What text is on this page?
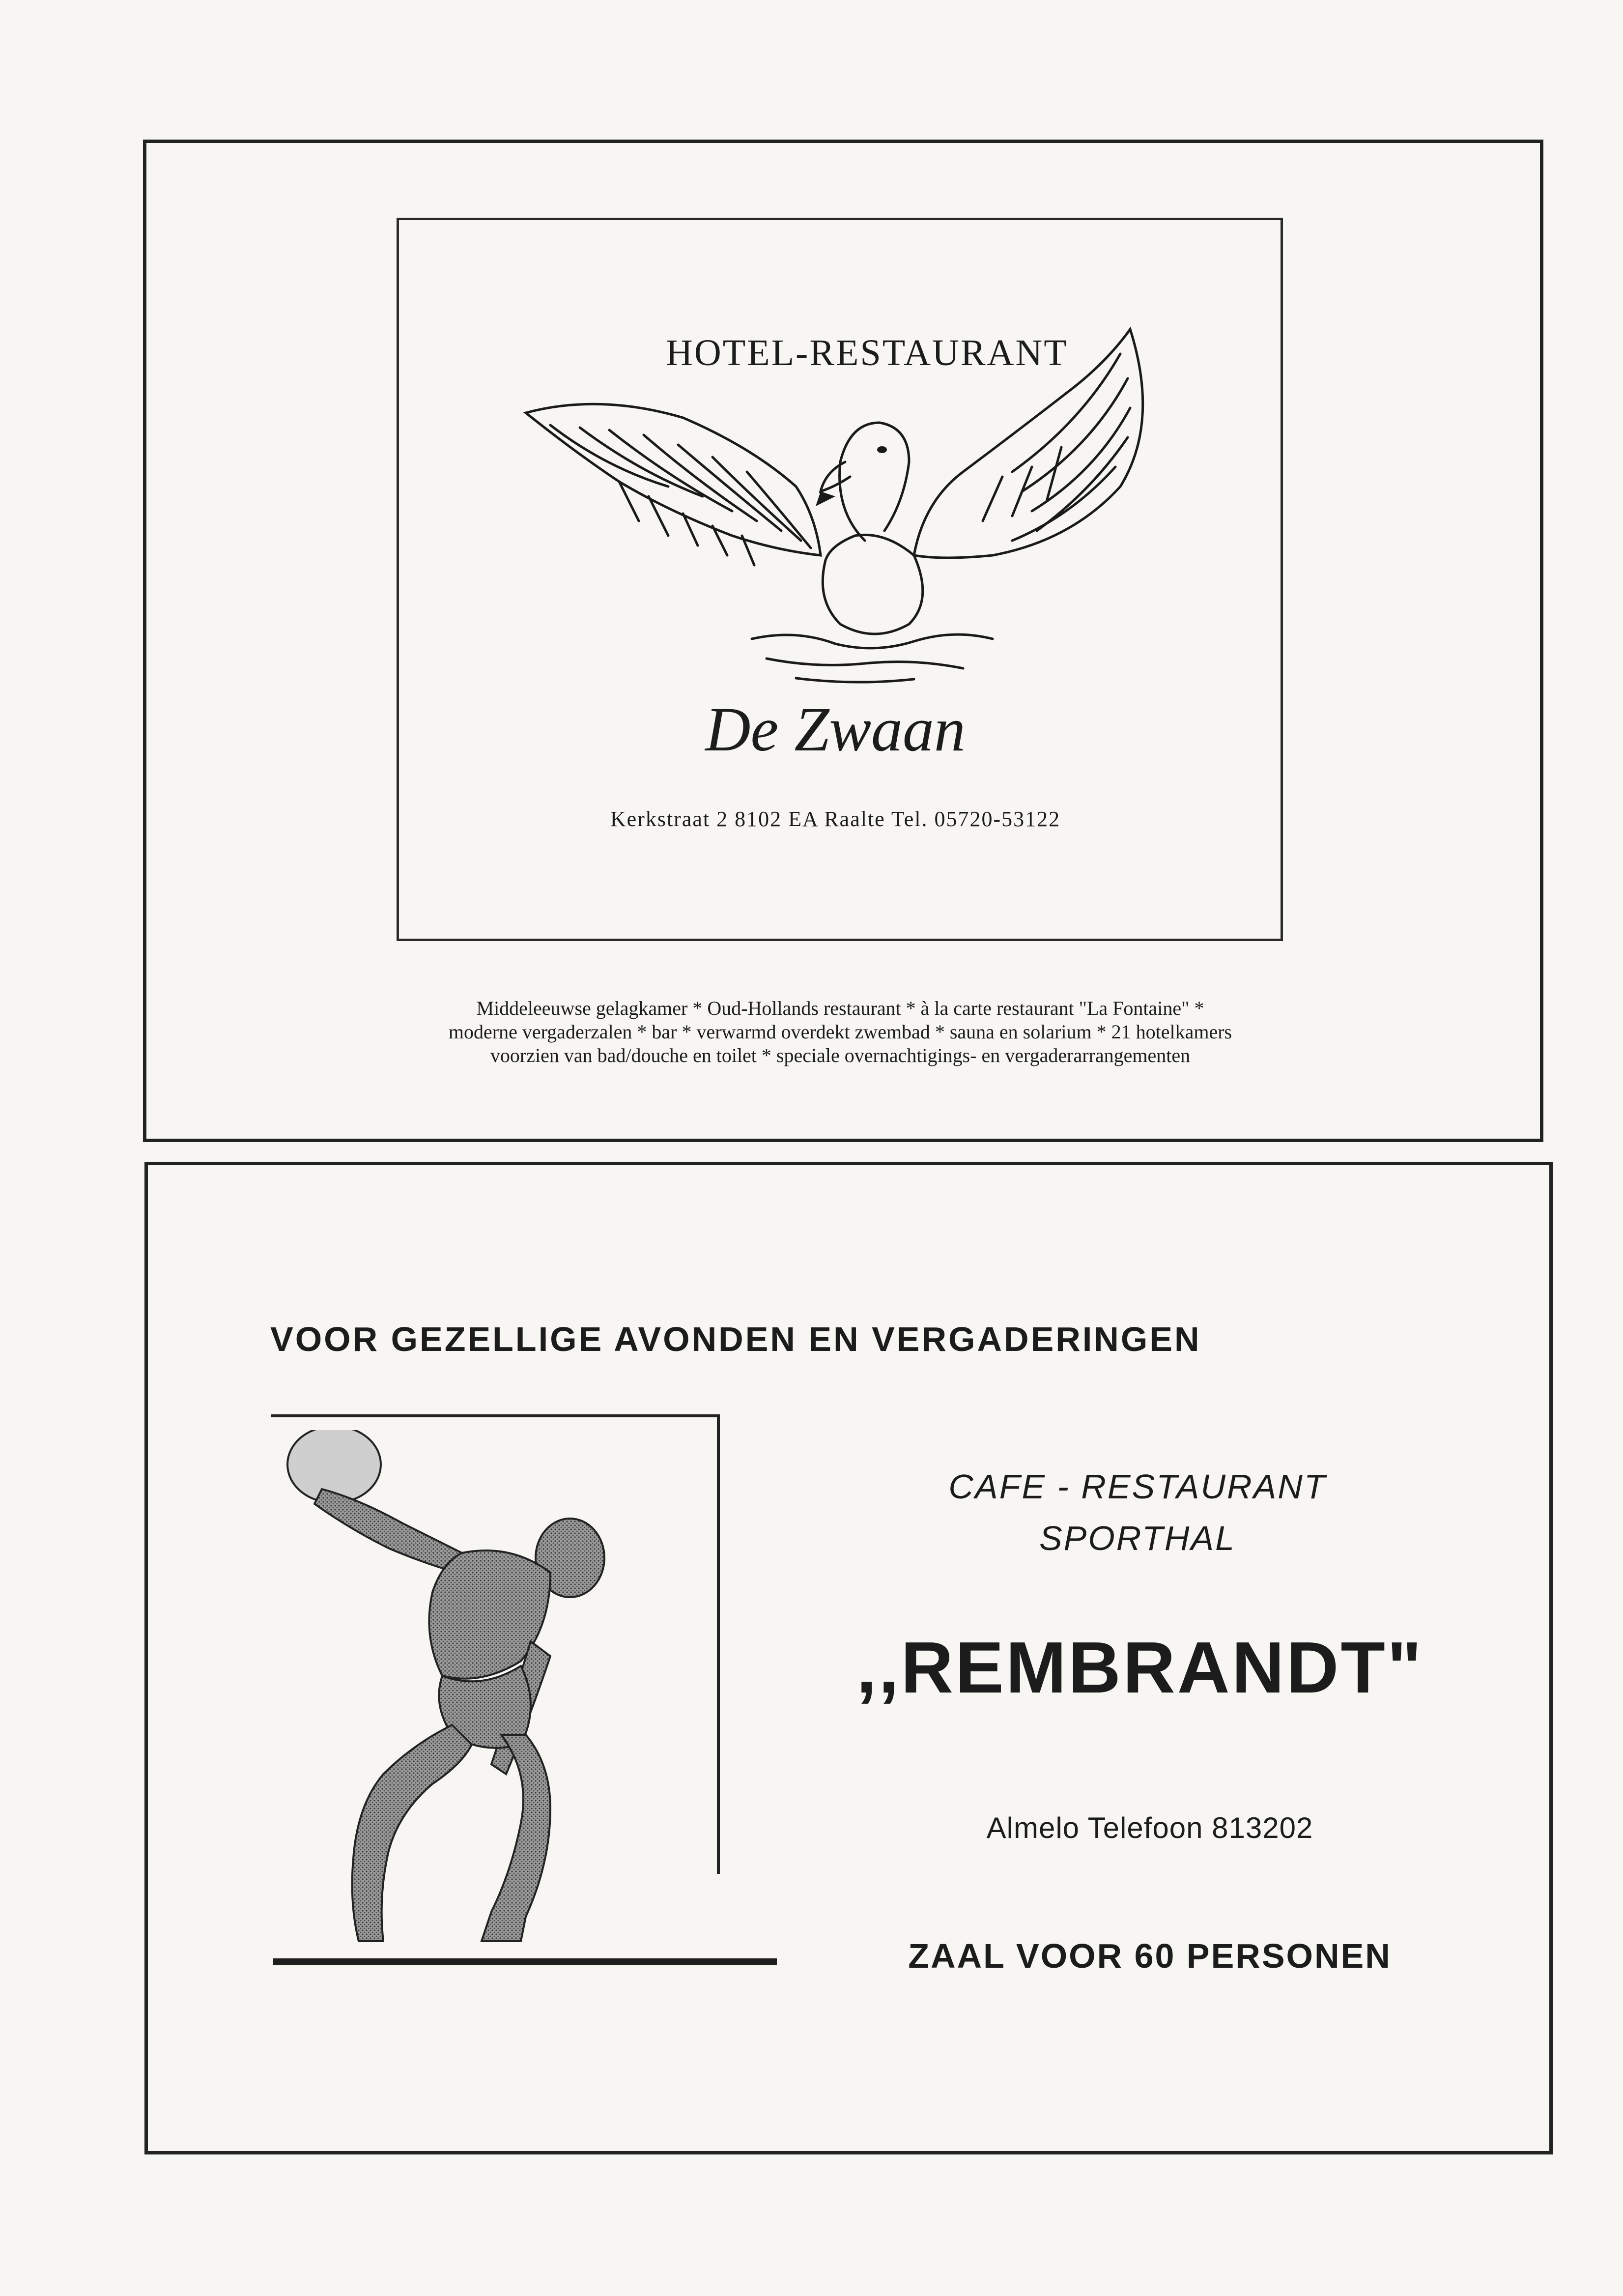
HOTEL-RESTAURANT
De Zwaan
Kerkstraat 2 8102 EA Raalte Tel. 05720-53122
Middeleeuwse gelagkamer * Oud-Hollands restaurant * à la carte restaurant "La Fontaine" *
moderne vergaderzalen * bar * verwarmd overdekt zwembad * sauna en solarium * 21 hotelkamers
voorzien van bad/douche en toilet * speciale overnachtigings- en vergaderarrangementen
VOOR GEZELLIGE AVONDEN EN VERGADERINGEN
CAFE - RESTAURANT
SPORTHAL
,,REMBRANDT"
Almelo Telefoon 813202
ZAAL VOOR 60 PERSONEN
